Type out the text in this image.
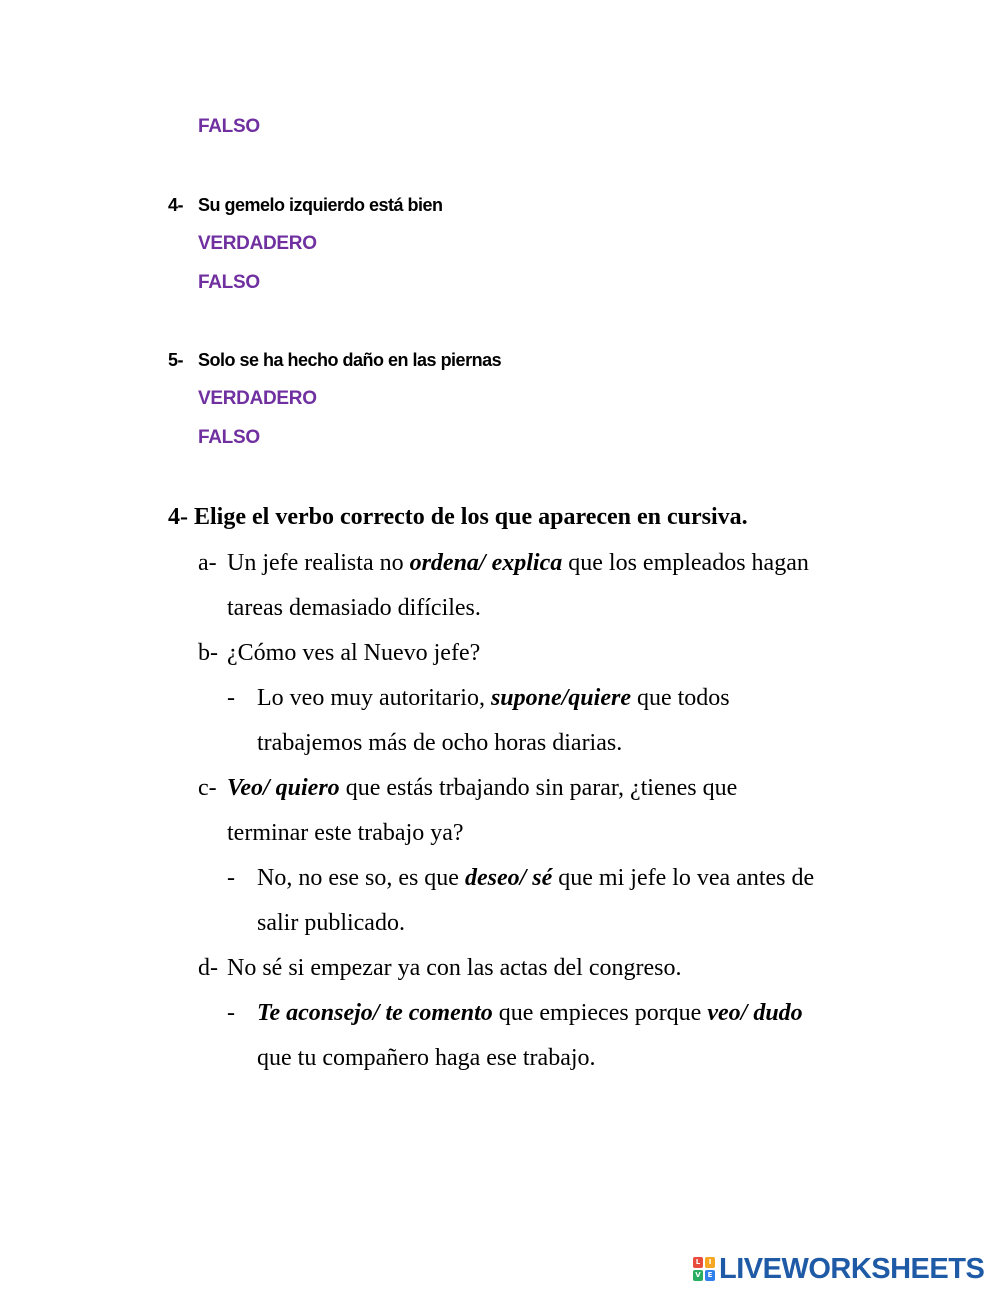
FALSO
4- Su gemelo izquierdo está bien
VERDADERO
FALSO
5- Solo se ha hecho daño en las piernas
VERDADERO
FALSO
4- Elige el verbo correcto de los que aparecen en cursiva.
a- Un jefe realista no ordena/ explica que los empleados hagan
tareas demasiado difíciles.
b- ¿Cómo ves al Nuevo jefe?
- Lo veo muy autoritario, supone/quiere que todos
trabajemos más de ocho horas diarias.
c- Veo/ quiero que estás trbajando sin parar, ¿tienes que
terminar este trabajo ya?
- No, no ese so, es que deseo/ sé que mi jefe lo vea antes de
salir publicado.
d- No sé si empezar ya con las actas del congreso.
- Te aconsejo/ te comento que empieces porque veo/ dudo
que tu compañero haga ese trabajo.
L	I
V E LIVEWORKSHEETS
